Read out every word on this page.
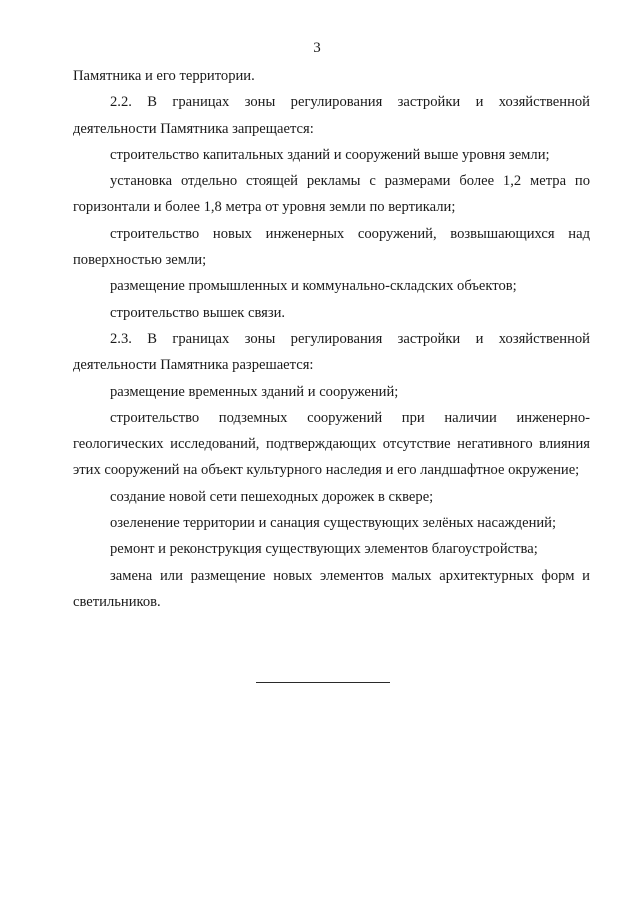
3

Памятника и его территории.

2.2. В границах зоны регулирования застройки и хозяйственной деятельности Памятника запрещается:

строительство капитальных зданий и сооружений выше уровня земли;

установка отдельно стоящей рекламы с размерами более 1,2 метра по горизонтали и более 1,8 метра от уровня земли по вертикали;

строительство новых инженерных сооружений, возвышающихся над поверхностью земли;

размещение промышленных и коммунально-складских объектов;

строительство вышек связи.

2.3. В границах зоны регулирования застройки и хозяйственной деятельности Памятника разрешается:

размещение временных зданий и сооружений;

строительство подземных сооружений при наличии инженерно-геологических исследований, подтверждающих отсутствие негативного влияния этих сооружений на объект культурного наследия и его ландшафтное окружение;

создание новой сети пешеходных дорожек в сквере;

озеленение территории и санация существующих зелёных насаждений;

ремонт и реконструкция существующих элементов благоустройства;

замена или размещение новых элементов малых архитектурных форм и светильников.
